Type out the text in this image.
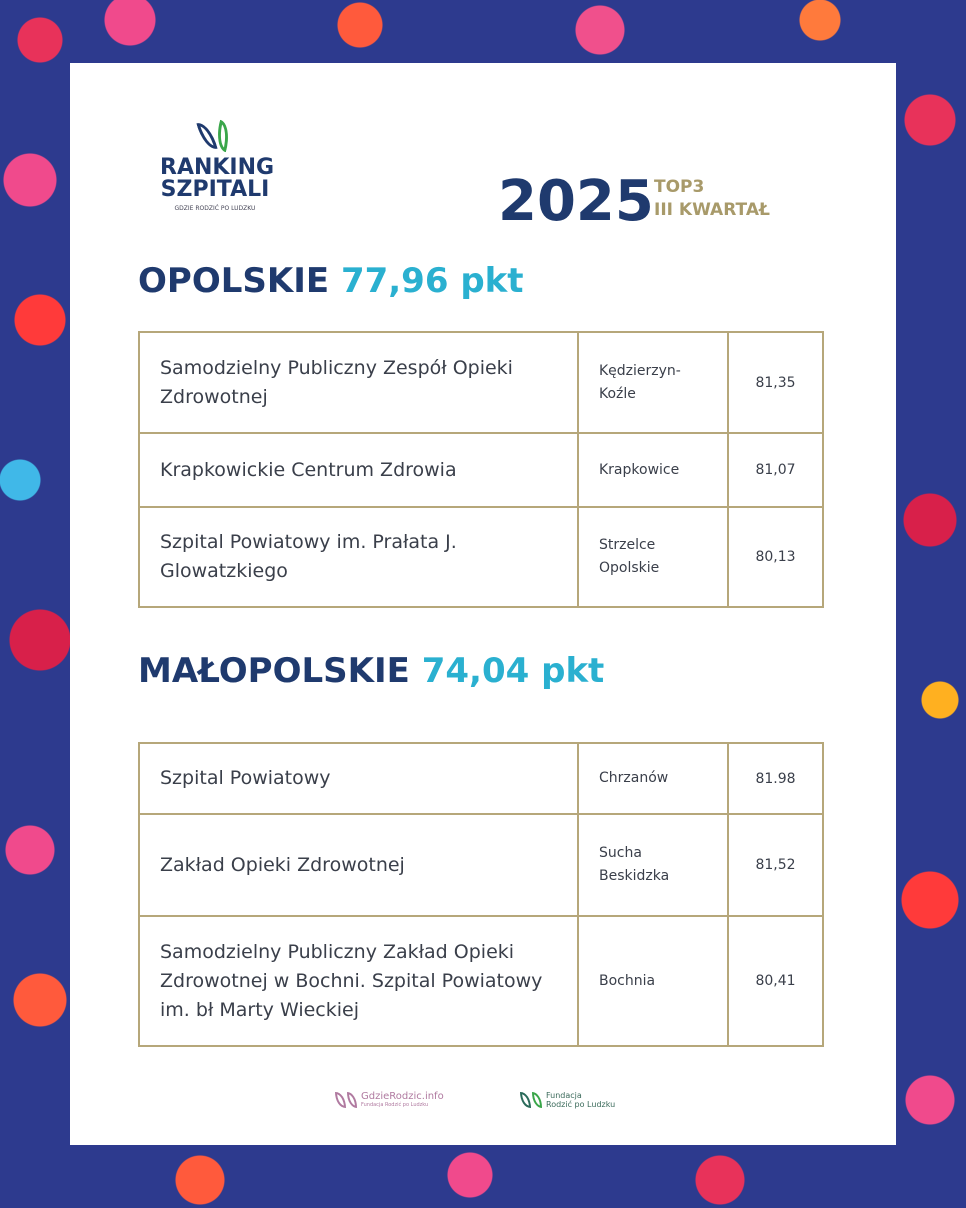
RANKING
SZPITALI
GDZIE RODZIĆ PO LUDZKU	2025 TOP3
III KWARTAŁ
OPOLSKIE 77,96 pkt
Samodzielny Publiczny Zespół Opieki Zdrowotnej	Kędzierzyn-Koźle	81,35
Krapkowickie Centrum Zdrowia	Krapkowice	81,07
Szpital Powiatowy im. Prałata J. Glowatzkiego	Strzelce Opolskie	80,13
MAŁOPOLSKIE 74,04 pkt
Szpital Powiatowy	Chrzanów	81.98
Zakład Opieki Zdrowotnej	Sucha Beskidzka	81,52
Samodzielny Publiczny Zakład Opieki Zdrowotnej w Bochni. Szpital Powiatowy im. bł Marty Wieckiej	Bochnia	80,41
GdzieRodzic.info
Fundacja Rodzić po Ludzku
Fundacja
Rodzić po Ludzku
